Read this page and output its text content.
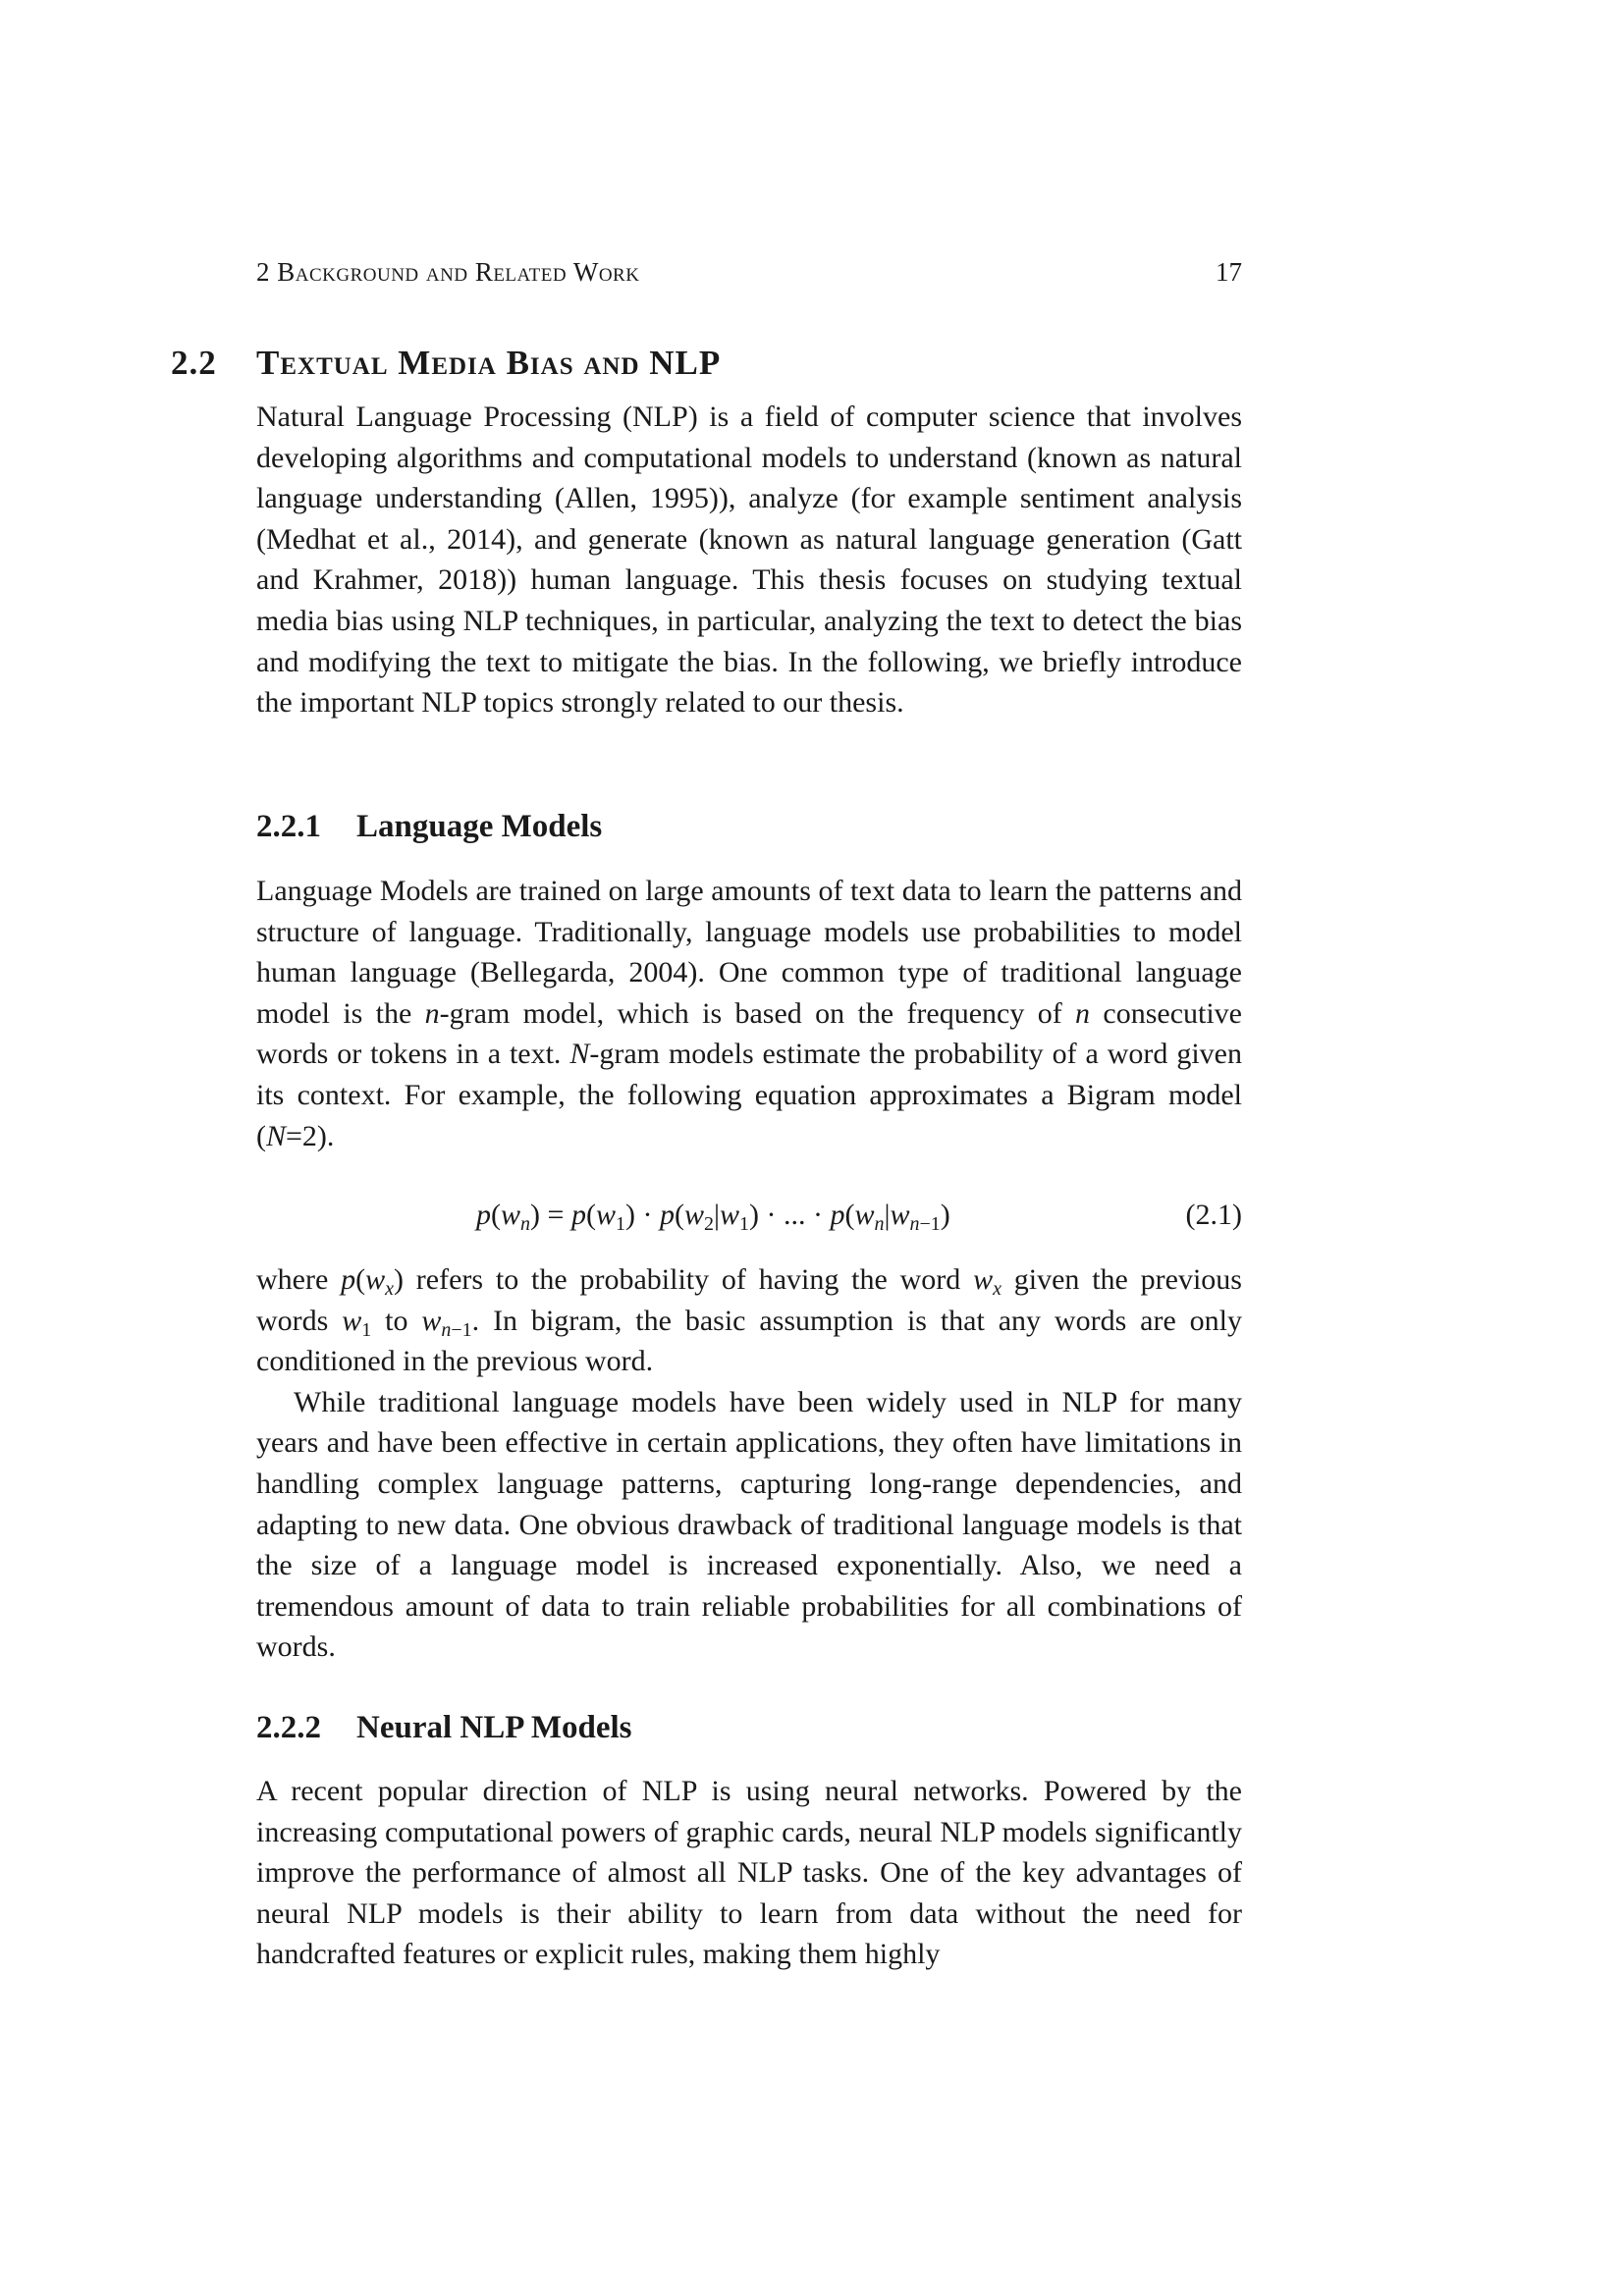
2 Background and Related Work	17
2.2 Textual Media Bias and NLP

Natural Language Processing (NLP) is a field of computer science that involves developing algorithms and computational models to understand (known as natural language understanding (Allen, 1995)), analyze (for example sentiment analysis (Medhat et al., 2014), and generate (known as natural language generation (Gatt and Krahmer, 2018)) human language. This thesis focuses on studying textual media bias using NLP techniques, in particular, analyzing the text to detect the bias and modifying the text to mitigate the bias. In the following, we briefly introduce the important NLP topics strongly related to our thesis.

2.2.1 Language Models

Language Models are trained on large amounts of text data to learn the patterns and structure of language. Traditionally, language models use probabilities to model human language (Bellegarda, 2004). One common type of traditional language model is the n-gram model, which is based on the frequency of n consecutive words or tokens in a text. N-gram models estimate the probability of a word given its context. For example, the following equation approximates a Bigram model (N=2).

$p(w_n) = p(w_1) \cdot p(w_2|w_1)$ · ... · $p(w_n|w_{n-1})$	(2.1)

where $p(w_x)$ refers to the probability of having the word $w_x$ given the previous words $w_1$ to $w_{n-1}$. In bigram, the basic assumption is that any words are only conditioned in the previous word.

While traditional language models have been widely used in NLP for many years and have been effective in certain applications, they often have limitations in handling complex language patterns, capturing long-range dependencies, and adapting to new data. One obvious drawback of traditional language models is that the size of a language model is increased exponentially. Also, we need a tremendous amount of data to train reliable probabilities for all combinations of words.

2.2.2 Neural NLP Models

A recent popular direction of NLP is using neural networks. Powered by the increasing computational powers of graphic cards, neural NLP models significantly improve the performance of almost all NLP tasks. One of the key advantages of neural NLP models is their ability to learn from data without the need for handcrafted features or explicit rules, making them highly
